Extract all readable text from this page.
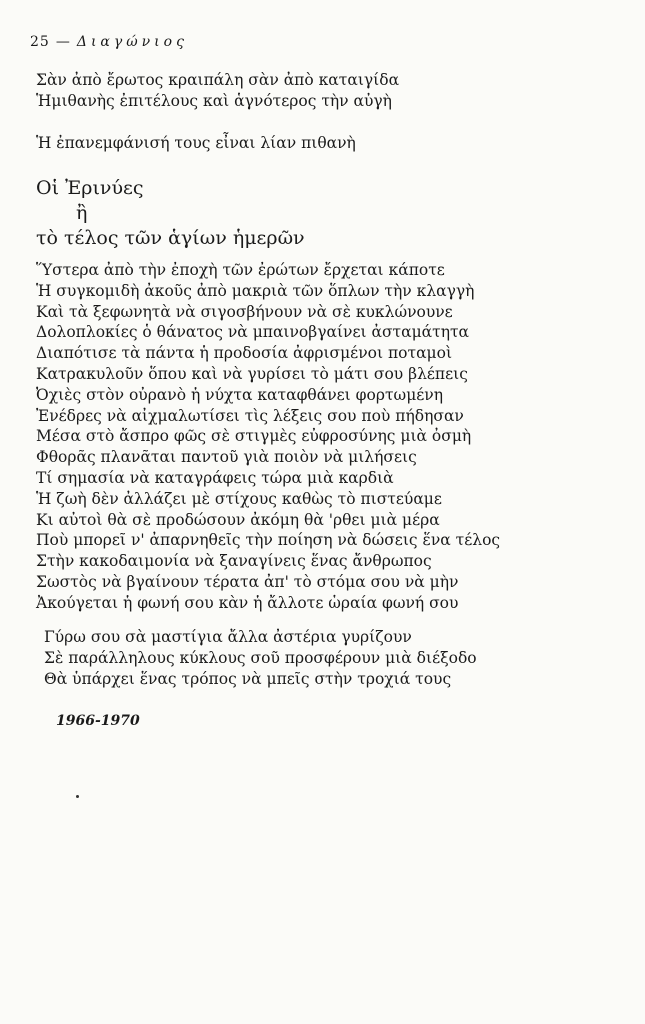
25 — Διαγώνιος
Σὰν ἀπὸ ἔρωτος κραιπάλη σὰν ἀπὸ καταιγίδα
Ἡμιθανὴς ἐπιτέλους καὶ ἁγνότερος τὴν αὐγὴ
Ἡ ἐπανεμφάνισή τους εἶναι λίαν πιθανὴ
Οἱ Ἐρινύες
ἢ
τὸ τέλος τῶν ἁγίων ἡμερῶν
Ὕστερα ἀπὸ τὴν ἐποχὴ τῶν ἐρώτων ἔρχεται κάποτε
Ἡ συγκομιδὴ ἀκοῦς ἀπὸ μακριὰ τῶν ὅπλων τὴν κλαγγὴ
Καὶ τὰ ξεφωνητὰ νὰ σιγοσβήνουν νὰ σὲ κυκλώνουνε
Δολοπλοκίες ὁ θάνατος νὰ μπαινοβγαίνει ἀσταμάτητα
Διαπότισε τὰ πάντα ἡ προδοσία ἀφρισμένοι ποταμοὶ
Κατρακυλοῦν ὅπου καὶ νὰ γυρίσει τὸ μάτι σου βλέπεις
Ὀχιὲς στὸν οὐρανὸ ἡ νύχτα καταφθάνει φορτωμένη
Ἐνέδρες νὰ αἰχμαλωτίσει τὶς λέξεις σου ποὺ πήδησαν
Μέσα στὸ ἄσπρο φῶς σὲ στιγμὲς εὐφροσύνης μιὰ ὀσμὴ
Φθορᾶς πλανᾶται παντοῦ γιὰ ποιὸν νὰ μιλήσεις
Τί σημασία νὰ καταγράφεις τώρα μιὰ καρδιὰ
Ἡ ζωὴ δὲν ἀλλάζει μὲ στίχους καθὼς τὸ πιστεύαμε
Κι αὐτοὶ θὰ σὲ προδώσουν ἀκόμη θὰ 'ρθει μιὰ μέρα
Ποὺ μπορεῖ ν' ἀπαρνηθεῖς τὴν ποίηση νὰ δώσεις ἕνα τέλος
Στὴν κακοδαιμονία νὰ ξαναγίνεις ἕνας ἄνθρωπος
Σωστὸς νὰ βγαίνουν τέρατα ἀπ' τὸ στόμα σου νὰ μὴν
Ἀκούγεται ἡ φωνή σου κὰν ἡ ἄλλοτε ὡραία φωνή σου
Γύρω σου σὰ μαστίγια ἄλλα ἀστέρια γυρίζουν
Σὲ παράλληλους κύκλους σοῦ προσφέρουν μιὰ διέξοδο
Θὰ ὑπάρχει ἕνας τρόπος νὰ μπεῖς στὴν τροχιά τους
1966-1970
